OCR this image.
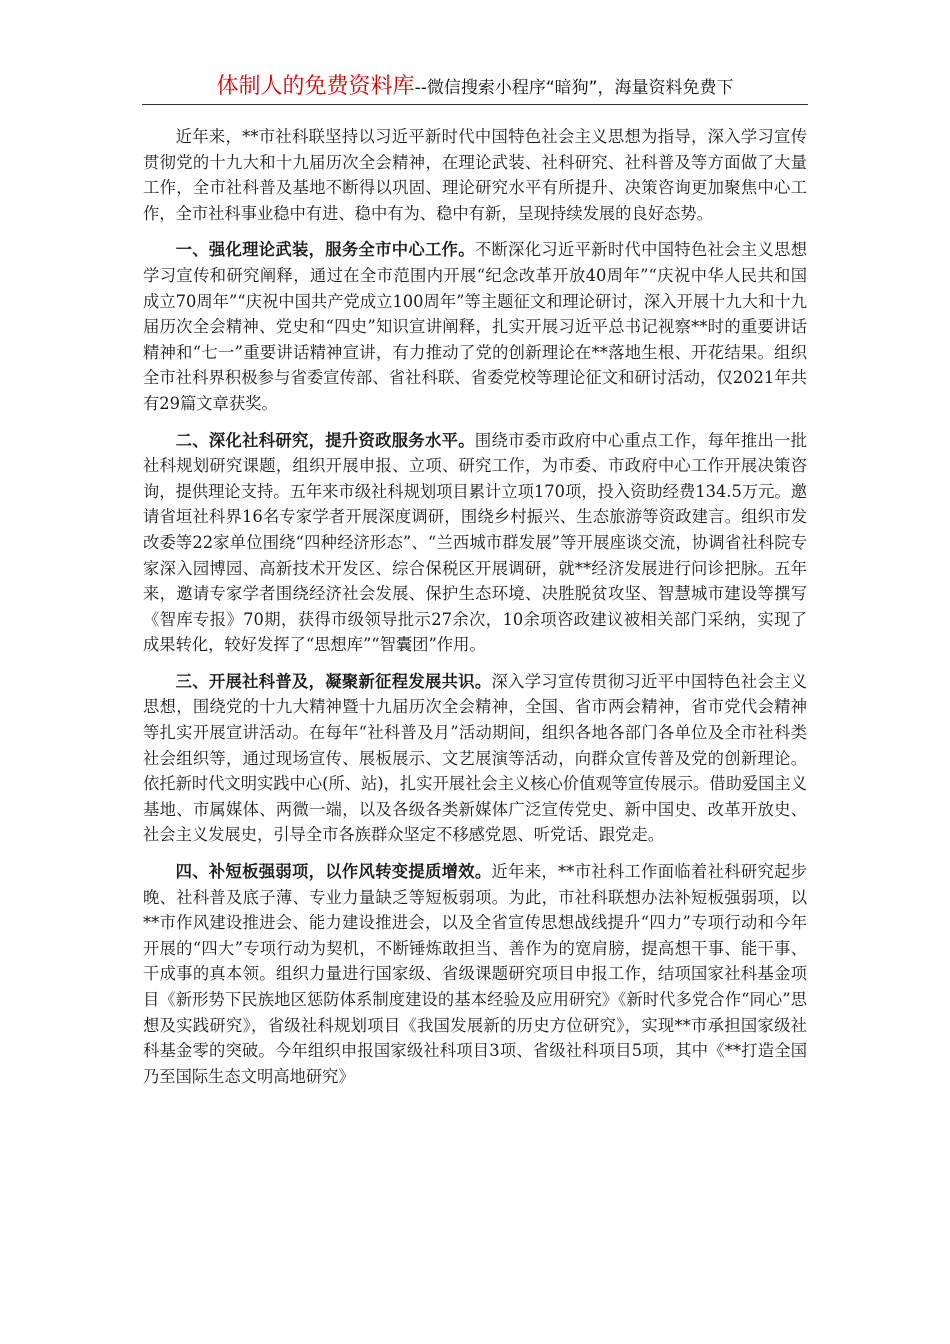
体制人的免费资料库--微信搜索小程序“暗狗”，海量资料免费下

近年来，**市社科联坚持以习近平新时代中国特色社会主义思想为指导，深入学习宣传贯彻党的十九大和十九届历次全会精神，在理论武装、社科研究、社科普及等方面做了大量工作，全市社科普及基地不断得以巩固、理论研究水平有所提升、决策咨询更加聚焦中心工作，全市社科事业稳中有进、稳中有为、稳中有新，呈现持续发展的良好态势。

一、强化理论武装，服务全市中心工作。不断深化习近平新时代中国特色社会主义思想学习宣传和研究阐释，通过在全市范围内开展“纪念改革开放40周年”“庆祝中华人民共和国成立70周年”“庆祝中国共产党成立100周年”等主题征文和理论研讨，深入开展十九大和十九届历次全会精神、党史和“四史”知识宣讲阐释，扎实开展习近平总书记视察**时的重要讲话精神和“七一”重要讲话精神宣讲，有力推动了党的创新理论在**落地生根、开花结果。组织全市社科界积极参与省委宣传部、省社科联、省委党校等理论征文和研讨活动，仅2021年共有29篇文章获奖。

二、深化社科研究，提升资政服务水平。围绕市委市政府中心重点工作，每年推出一批社科规划研究课题，组织开展申报、立项、研究工作，为市委、市政府中心工作开展决策咨询，提供理论支持。五年来市级社科规划项目累计立项170项，投入资助经费134.5万元。邀请省垣社科界16名专家学者开展深度调研，围绕乡村振兴、生态旅游等资政建言。组织市发改委等22家单位围绕“四种经济形态”、“兰西城市群发展”等开展座谈交流，协调省社科院专家深入园博园、高新技术开发区、综合保税区开展调研，就**经济发展进行问诊把脉。五年来，邀请专家学者围绕经济社会发展、保护生态环境、决胜脱贫攻坚、智慧城市建设等撰写《智库专报》70期，获得市级领导批示27余次，10余项咨政建议被相关部门采纳，实现了成果转化，较好发挥了“思想库”“智囊团”作用。

三、开展社科普及，凝聚新征程发展共识。深入学习宣传贯彻习近平中国特色社会主义思想，围绕党的十九大精神暨十九届历次全会精神，全国、省市两会精神，省市党代会精神等扎实开展宣讲活动。在每年“社科普及月”活动期间，组织各地各部门各单位及全市社科类社会组织等，通过现场宣传、展板展示、文艺展演等活动，向群众宣传普及党的创新理论。依托新时代文明实践中心(所、站)，扎实开展社会主义核心价值观等宣传展示。借助爱国主义基地、市属媒体、两微一端，以及各级各类新媒体广泛宣传党史、新中国史、改革开放史、社会主义发展史，引导全市各族群众坚定不移感党恩、听党话、跟党走。

四、补短板强弱项，以作风转变提质增效。近年来，**市社科工作面临着社科研究起步晚、社科普及底子薄、专业力量缺乏等短板弱项。为此，市社科联想办法补短板强弱项，以**市作风建设推进会、能力建设推进会，以及全省宣传思想战线提升“四力”专项行动和今年开展的“四大”专项行动为契机，不断锤炼敢担当、善作为的宽肩膀，提高想干事、能干事、干成事的真本领。组织力量进行国家级、省级课题研究项目申报工作，结项国家社科基金项目《新形势下民族地区惩防体系制度建设的基本经验及应用研究》《新时代多党合作“同心”思想及实践研究》，省级社科规划项目《我国发展新的历史方位研究》，实现**市承担国家级社科基金零的突破。今年组织申报国家级社科项目3项、省级社科项目5项，其中《**打造全国乃至国际生态文明高地研究》
